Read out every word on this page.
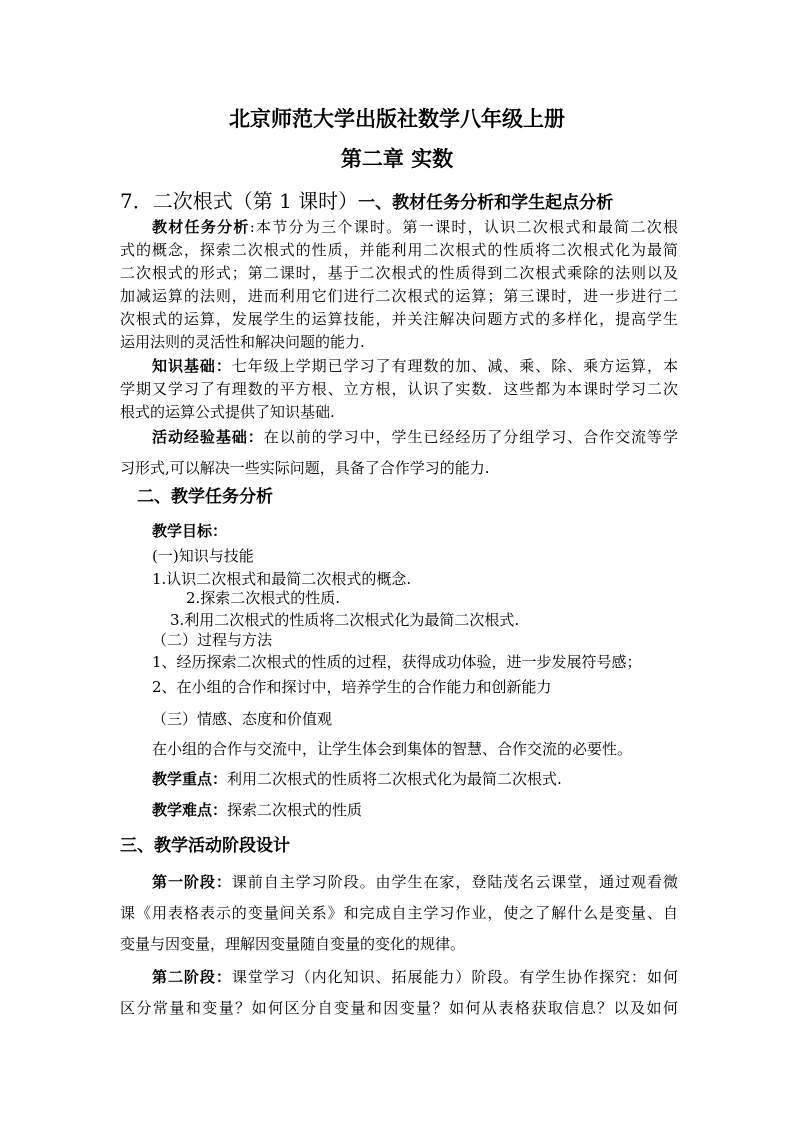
北京师范大学出版社数学八年级上册
第二章 实数
7．二次根式（第 1 课时）一、教材任务分析和学生起点分析
教材任务分析:本节分为三个课时。第一课时，认识二次根式和最简二次根
式的概念，探索二次根式的性质，并能利用二次根式的性质将二次根式化为最简
二次根式的形式；第二课时，基于二次根式的性质得到二次根式乘除的法则以及
加减运算的法则，进而利用它们进行二次根式的运算；第三课时，进一步进行二
次根式的运算，发展学生的运算技能，并关注解决问题方式的多样化，提高学生
运用法则的灵活性和解决问题的能力.
知识基础：七年级上学期已学习了有理数的加、减、乘、除、乘方运算，本
学期又学习了有理数的平方根、立方根，认识了实数．这些都为本课时学习二次
根式的运算公式提供了知识基础.
活动经验基础：在以前的学习中，学生已经经历了分组学习、合作交流等学
习形式,可以解决一些实际问题，具备了合作学习的能力.
二、教学任务分析
教学目标：
(一)知识与技能
1.认识二次根式和最简二次根式的概念.
2.探索二次根式的性质.
3.利用二次根式的性质将二次根式化为最简二次根式.
（二）过程与方法
1、经历探索二次根式的性质的过程，获得成功体验，进一步发展符号感；
2、在小组的合作和探讨中，培养学生的合作能力和创新能力
（三）情感、态度和价值观
在小组的合作与交流中，让学生体会到集体的智慧、合作交流的必要性。
教学重点：利用二次根式的性质将二次根式化为最简二次根式.
教学难点：探索二次根式的性质
三、教学活动阶段设计
第一阶段：课前自主学习阶段。由学生在家，登陆茂名云课堂，通过观看微
课《用表格表示的变量间关系》和完成自主学习作业，使之了解什么是变量、自
变量与因变量，理解因变量随自变量的变化的规律。
第二阶段：课堂学习（内化知识、拓展能力）阶段。有学生协作探究：如何
区分常量和变量？如何区分自变量和因变量？如何从表格获取信息？以及如何
